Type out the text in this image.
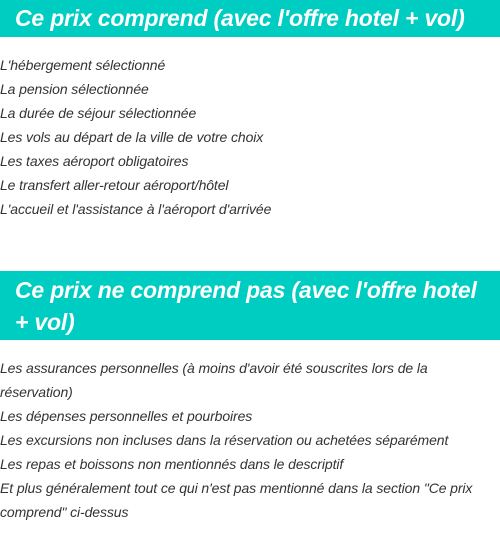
Ce prix comprend (avec l'offre hotel + vol)
L'hébergement sélectionné
La pension sélectionnée
La durée de séjour sélectionnée
Les vols au départ de la ville de votre choix
Les taxes aéroport obligatoires
Le transfert aller-retour aéroport/hôtel
L'accueil et l'assistance à l'aéroport d'arrivée
Ce prix ne comprend pas (avec l'offre hotel + vol)
Les assurances personnelles (à moins d'avoir été souscrites lors de la réservation)
Les dépenses personnelles et pourboires
Les excursions non incluses dans la réservation ou achetées séparément
Les repas et boissons non mentionnés dans le descriptif
Et plus généralement tout ce qui n'est pas mentionné dans la section "Ce prix comprend" ci-dessus
